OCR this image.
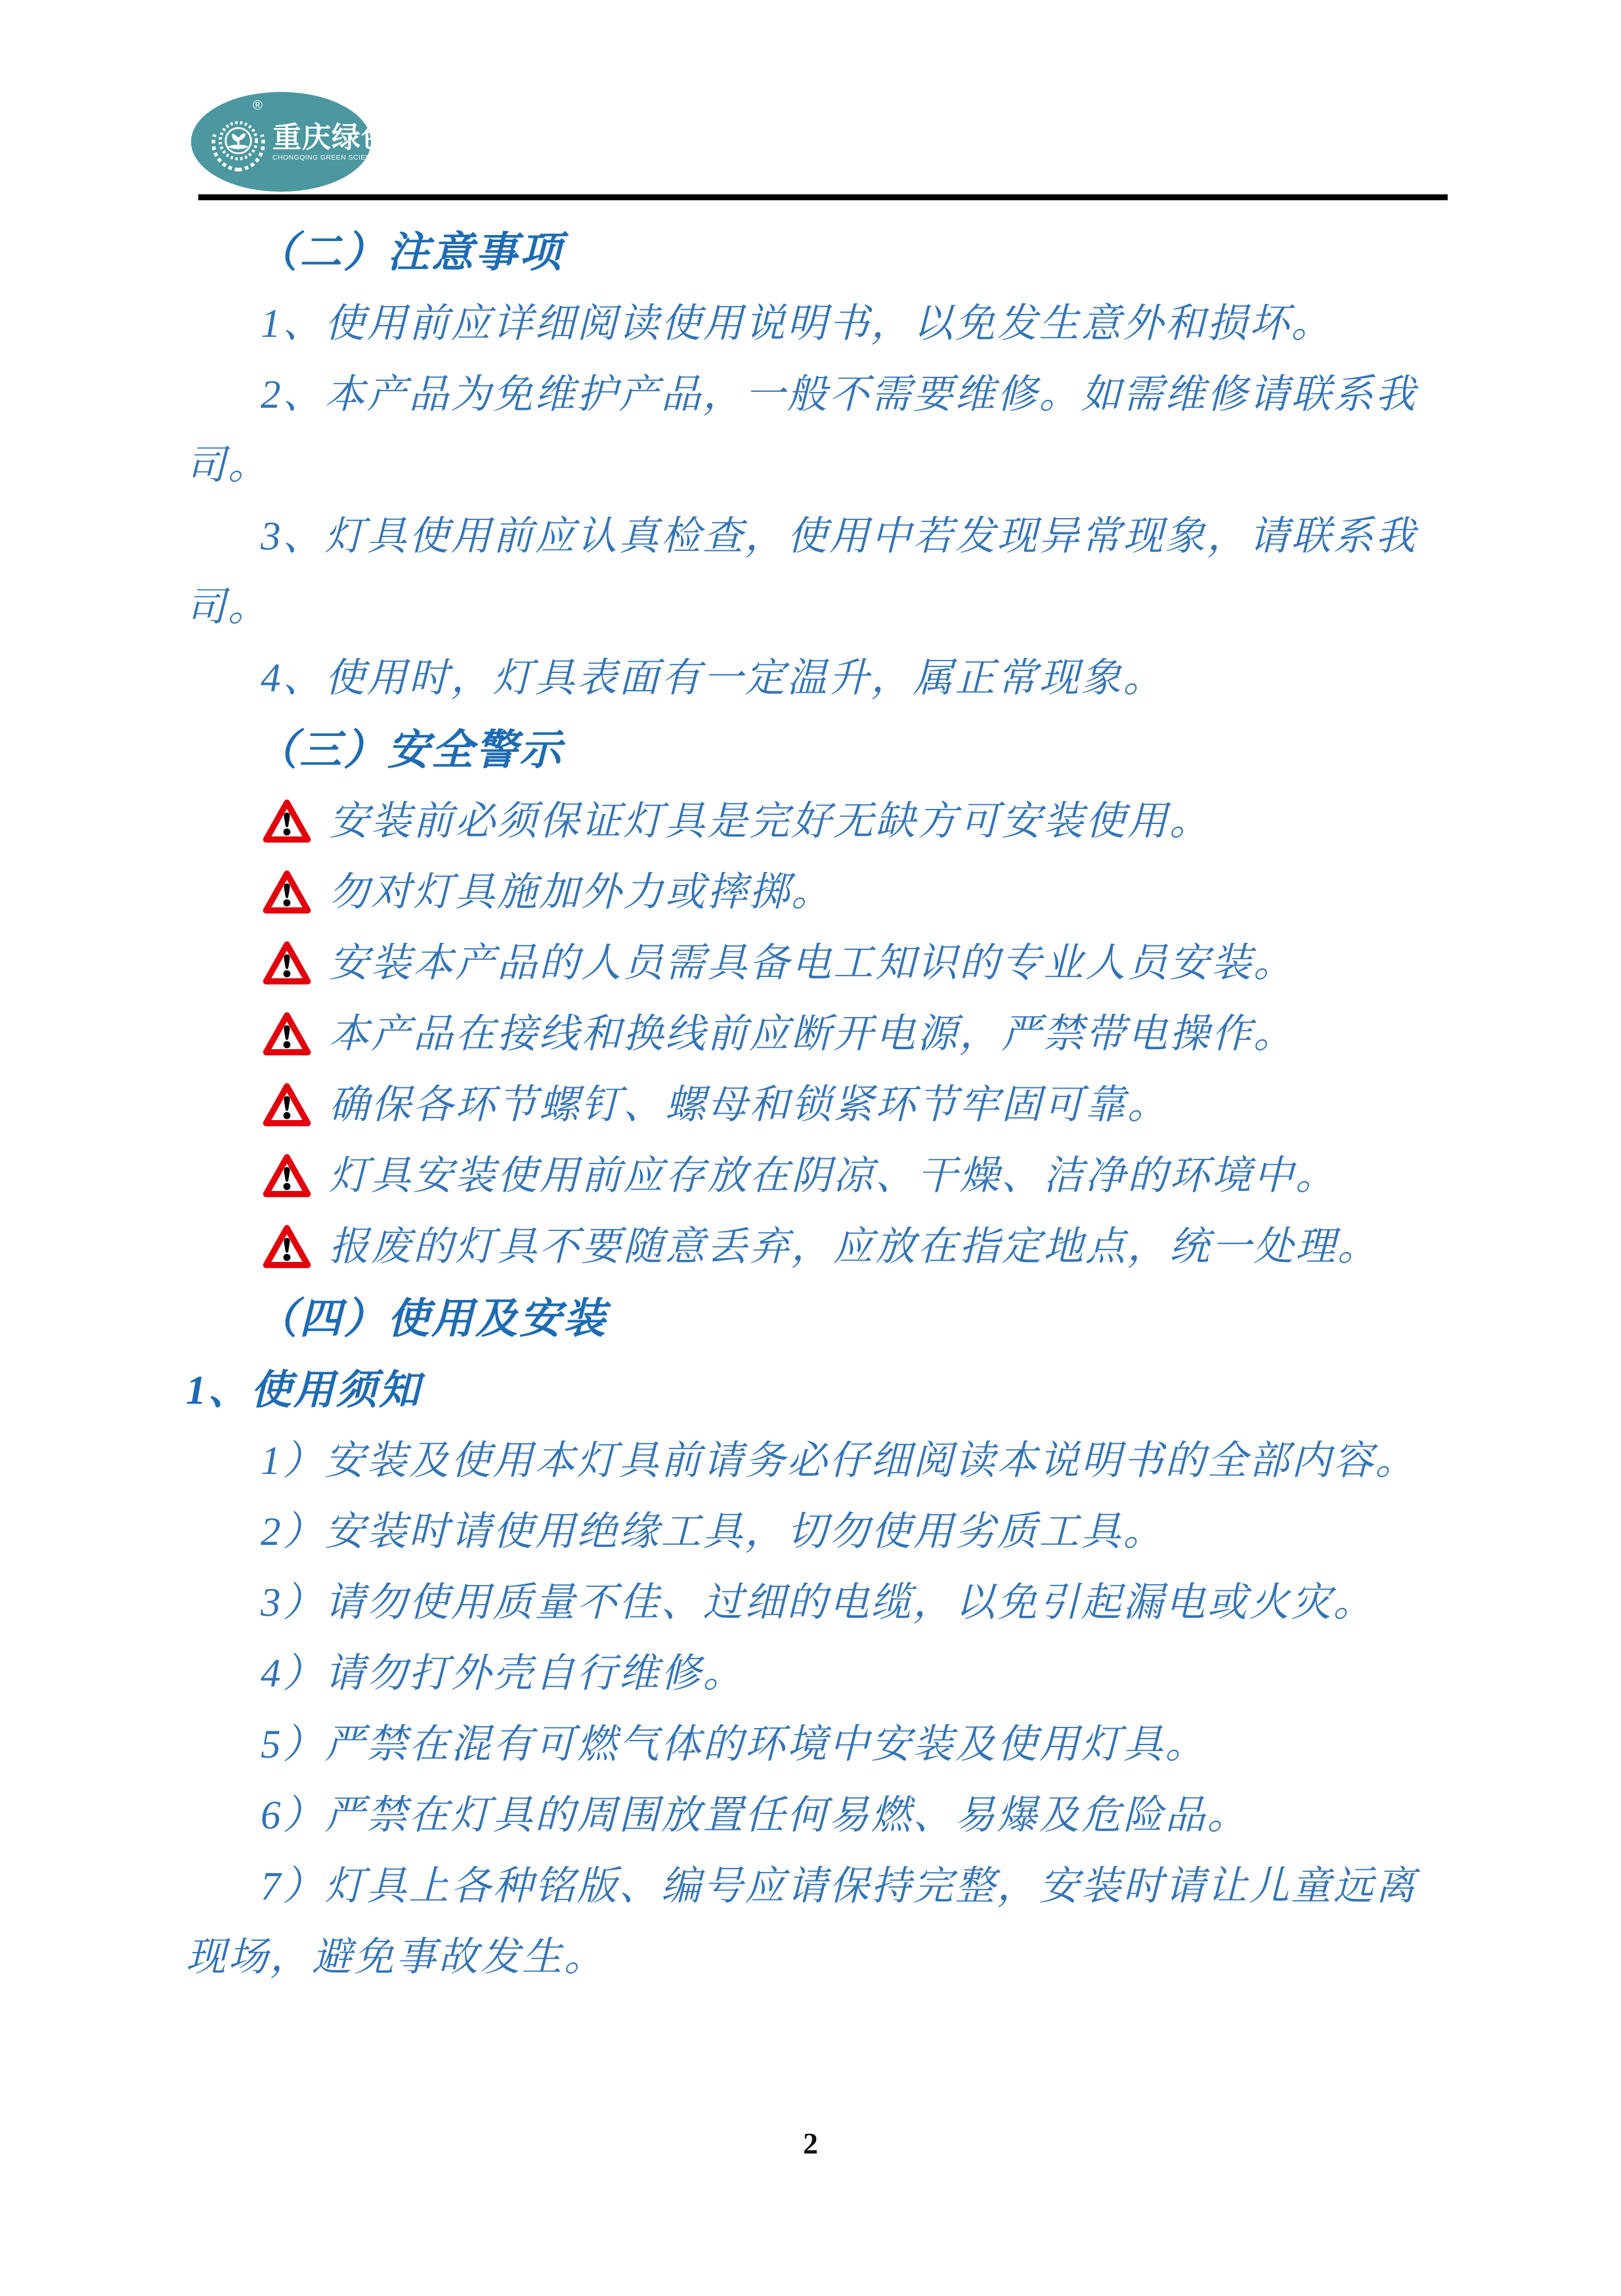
®
重庆绿色科技
CHONGQING GREEN SCIENCE AND TECHNOLOGY

（二）注意事项

1、使用前应详细阅读使用说明书，以免发生意外和损坏。

2、本产品为免维护产品，一般不需要维修。如需维修请联系我司。

3、灯具使用前应认真检查，使用中若发现异常现象，请联系我司。

4、使用时，灯具表面有一定温升，属正常现象。

（三）安全警示

安装前必须保证灯具是完好无缺方可安装使用。
勿对灯具施加外力或摔掷。
安装本产品的人员需具备电工知识的专业人员安装。
本产品在接线和换线前应断开电源，严禁带电操作。
确保各环节螺钉、螺母和锁紧环节牢固可靠。
灯具安装使用前应存放在阴凉、干燥、洁净的环境中。
报废的灯具不要随意丢弃，应放在指定地点，统一处理。

（四）使用及安装

1、使用须知

1）安装及使用本灯具前请务必仔细阅读本说明书的全部内容。

2）安装时请使用绝缘工具，切勿使用劣质工具。

3）请勿使用质量不佳、过细的电缆，以免引起漏电或火灾。

4）请勿打外壳自行维修。

5）严禁在混有可燃气体的环境中安装及使用灯具。

6）严禁在灯具的周围放置任何易燃、易爆及危险品。

7）灯具上各种铭版、编号应请保持完整，安装时请让儿童远离现场，避免事故发生。

2
